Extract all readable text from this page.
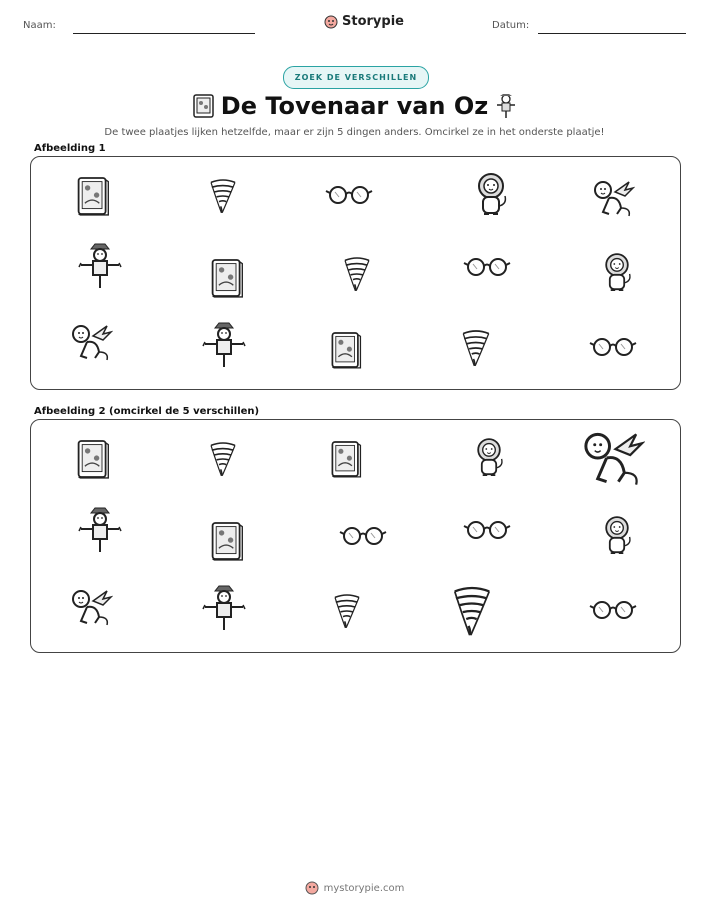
Naam:	Storypie	Datum:
ZOEK DE VERSCHILLEN
De Tovenaar van Oz
De twee plaatjes lijken hetzelfde, maar er zijn 5 dingen anders. Omcirkel ze in het onderste plaatje!
Afbeelding 1
Afbeelding 2 (omcirkel de 5 verschillen)
mystorypie.com
